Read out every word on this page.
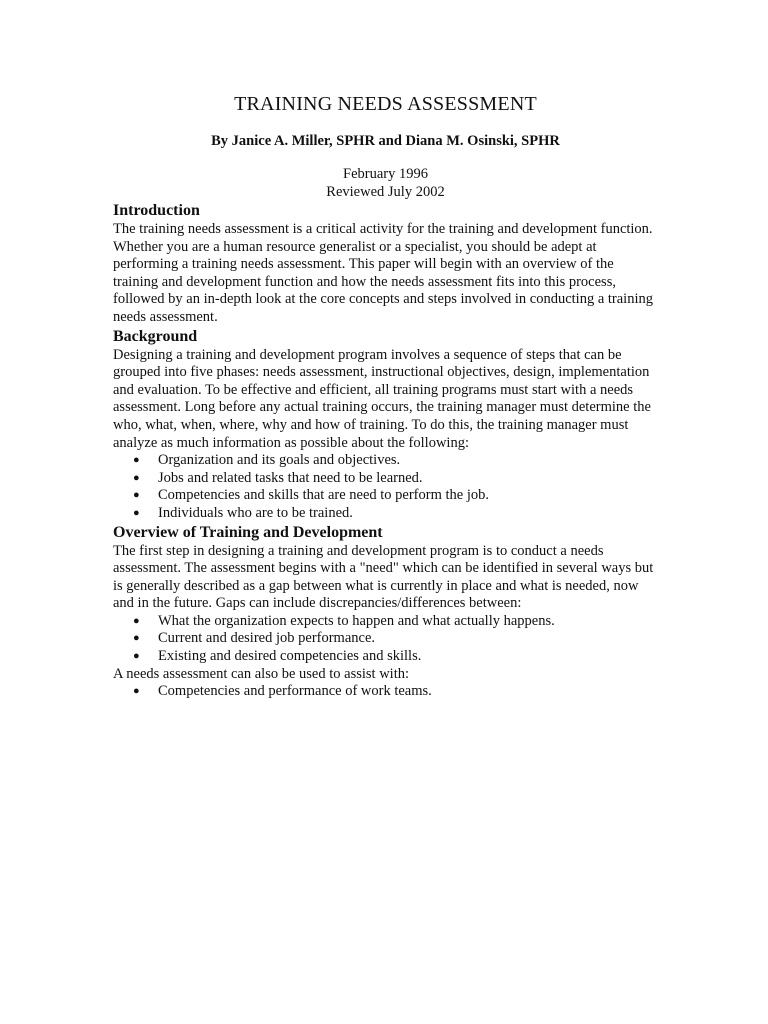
TRAINING NEEDS ASSESSMENT
By Janice A. Miller, SPHR and Diana M. Osinski, SPHR
February 1996
Reviewed July 2002
Introduction

The training needs assessment is a critical activity for the training and development function. Whether you are a human resource generalist or a specialist, you should be adept at performing a training needs assessment. This paper will begin with an overview of the training and development function and how the needs assessment fits into this process, followed by an in-depth look at the core concepts and steps involved in conducting a training needs assessment.

Background

Designing a training and development program involves a sequence of steps that can be grouped into five phases: needs assessment, instructional objectives, design, implementation and evaluation. To be effective and efficient, all training programs must start with a needs assessment. Long before any actual training occurs, the training manager must determine the who, what, when, where, why and how of training. To do this, the training manager must analyze as much information as possible about the following:

● Organization and its goals and objectives.
● Jobs and related tasks that need to be learned.
● Competencies and skills that are need to perform the job.
● Individuals who are to be trained.
Overview of Training and Development

The first step in designing a training and development program is to conduct a needs assessment. The assessment begins with a "need" which can be identified in several ways but is generally described as a gap between what is currently in place and what is needed, now and in the future. Gaps can include discrepancies/differences between:

● What the organization expects to happen and what actually happens.
● Current and desired job performance.
● Existing and desired competencies and skills.

A needs assessment can also be used to assist with:

● Competencies and performance of work teams.
